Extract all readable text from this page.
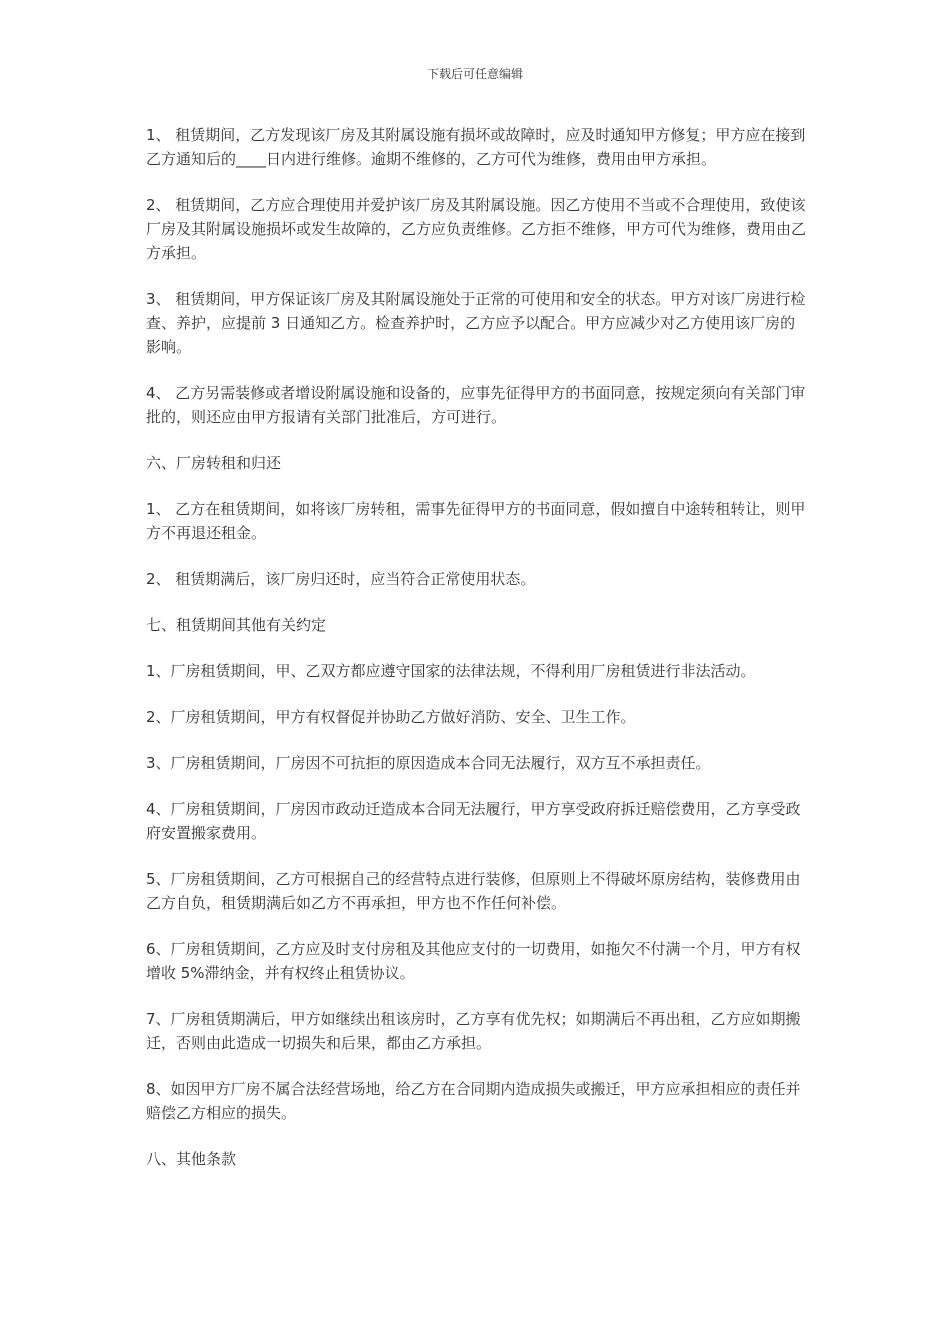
下载后可任意编辑

1、 租赁期间，乙方发现该厂房及其附属设施有损坏或故障时，应及时通知甲方修复；甲方应在接到乙方通知后的____日内进行维修。逾期不维修的，乙方可代为维修，费用由甲方承担。

2、 租赁期间，乙方应合理使用并爱护该厂房及其附属设施。因乙方使用不当或不合理使用，致使该厂房及其附属设施损坏或发生故障的，乙方应负责维修。乙方拒不维修，甲方可代为维修，费用由乙方承担。

3、 租赁期间，甲方保证该厂房及其附属设施处于正常的可使用和安全的状态。甲方对该厂房进行检查、养护，应提前 3 日通知乙方。检查养护时，乙方应予以配合。甲方应减少对乙方使用该厂房的影响。

4、 乙方另需装修或者增设附属设施和设备的，应事先征得甲方的书面同意，按规定须向有关部门审批的，则还应由甲方报请有关部门批准后，方可进行。

六、厂房转租和归还

1、 乙方在租赁期间，如将该厂房转租，需事先征得甲方的书面同意，假如擅自中途转租转让，则甲方不再退还租金。

2、 租赁期满后，该厂房归还时，应当符合正常使用状态。

七、租赁期间其他有关约定

1、厂房租赁期间，甲、乙双方都应遵守国家的法律法规，不得利用厂房租赁进行非法活动。

2、厂房租赁期间，甲方有权督促并协助乙方做好消防、安全、卫生工作。

3、厂房租赁期间，厂房因不可抗拒的原因造成本合同无法履行，双方互不承担责任。

4、厂房租赁期间，厂房因市政动迁造成本合同无法履行，甲方享受政府拆迁赔偿费用，乙方享受政府安置搬家费用。

5、厂房租赁期间，乙方可根据自己的经营特点进行装修，但原则上不得破坏原房结构，装修费用由乙方自负，租赁期满后如乙方不再承担，甲方也不作任何补偿。

6、厂房租赁期间，乙方应及时支付房租及其他应支付的一切费用，如拖欠不付满一个月，甲方有权增收 5%滞纳金，并有权终止租赁协议。

7、厂房租赁期满后，甲方如继续出租该房时，乙方享有优先权；如期满后不再出租，乙方应如期搬迁，否则由此造成一切损失和后果，都由乙方承担。

8、如因甲方厂房不属合法经营场地，给乙方在合同期内造成损失或搬迁，甲方应承担相应的责任并赔偿乙方相应的损失。

八、其他条款
